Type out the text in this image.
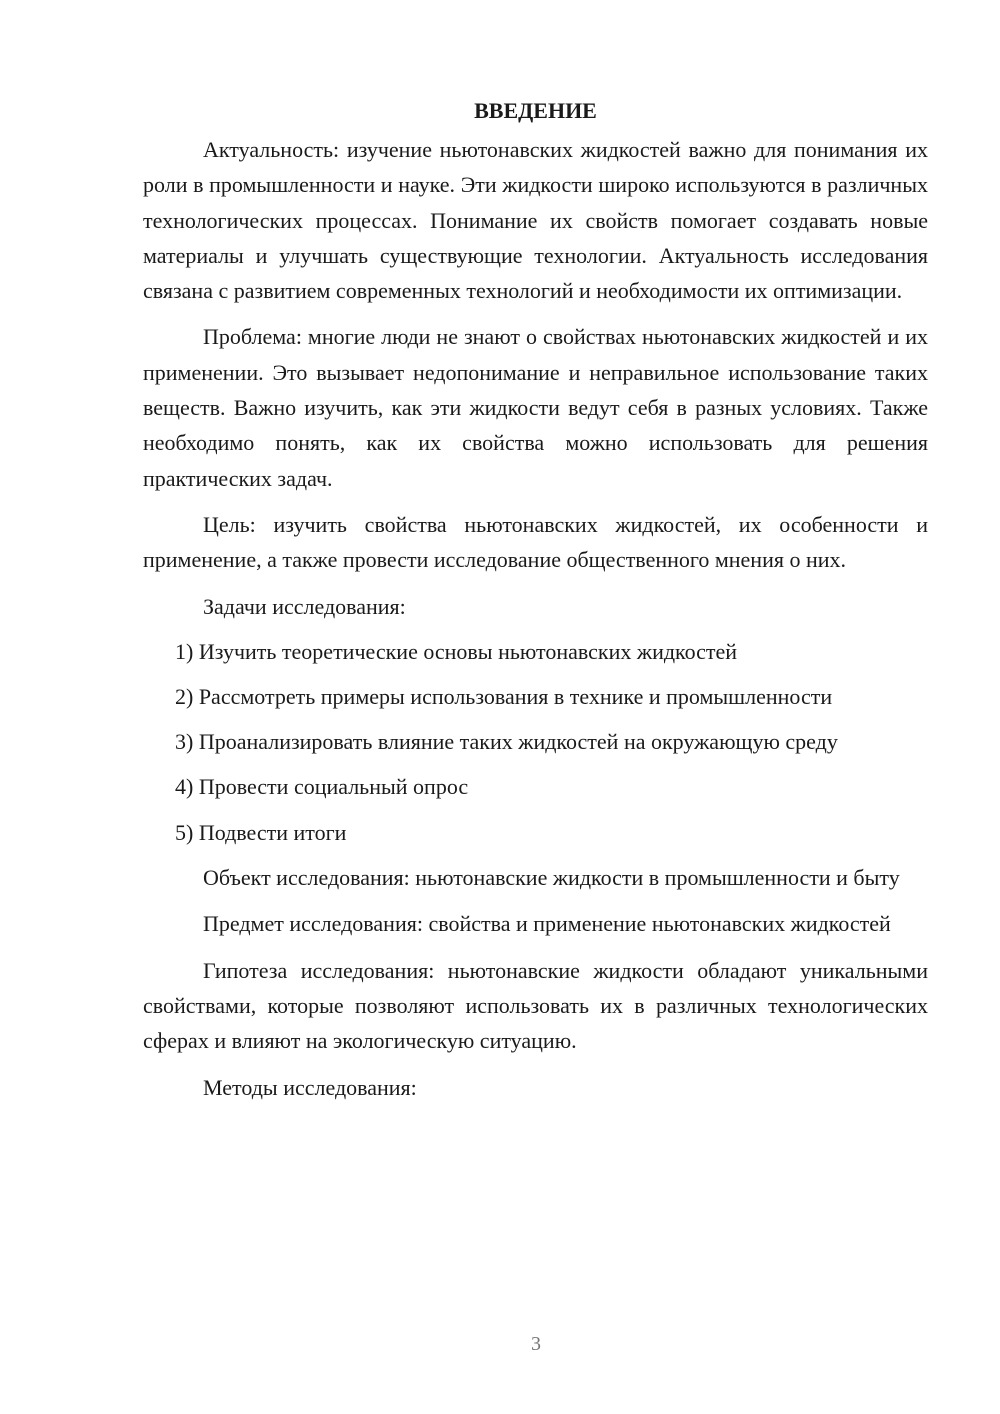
ВВЕДЕНИЕ

Актуальность: изучение ньютонавских жидкостей важно для понимания их роли в промышленности и науке. Эти жидкости широко используются в различных технологических процессах. Понимание их свойств помогает создавать новые материалы и улучшать существующие технологии. Актуальность исследования связана с развитием современных технологий и необходимости их оптимизации.

Проблема: многие люди не знают о свойствах ньютонавских жидкостей и их применении. Это вызывает недопонимание и неправильное использование таких веществ. Важно изучить, как эти жидкости ведут себя в разных условиях. Также необходимо понять, как их свойства можно использовать для решения практических задач.

Цель: изучить свойства ньютонавских жидкостей, их особенности и применение, а также провести исследование общественного мнения о них.

Задачи исследования:

1) Изучить теоретические основы ньютонавских жидкостей
2) Рассмотреть примеры использования в технике и промышленности
3) Проанализировать влияние таких жидкостей на окружающую среду
4) Провести социальный опрос
5) Подвести итоги

Объект исследования: ньютонавские жидкости в промышленности и быту

Предмет исследования: свойства и применение ньютонавских жидкостей

Гипотеза исследования: ньютонавские жидкости обладают уникальными свойствами, которые позволяют использовать их в различных технологических сферах и влияют на экологическую ситуацию.

Методы исследования:

3
